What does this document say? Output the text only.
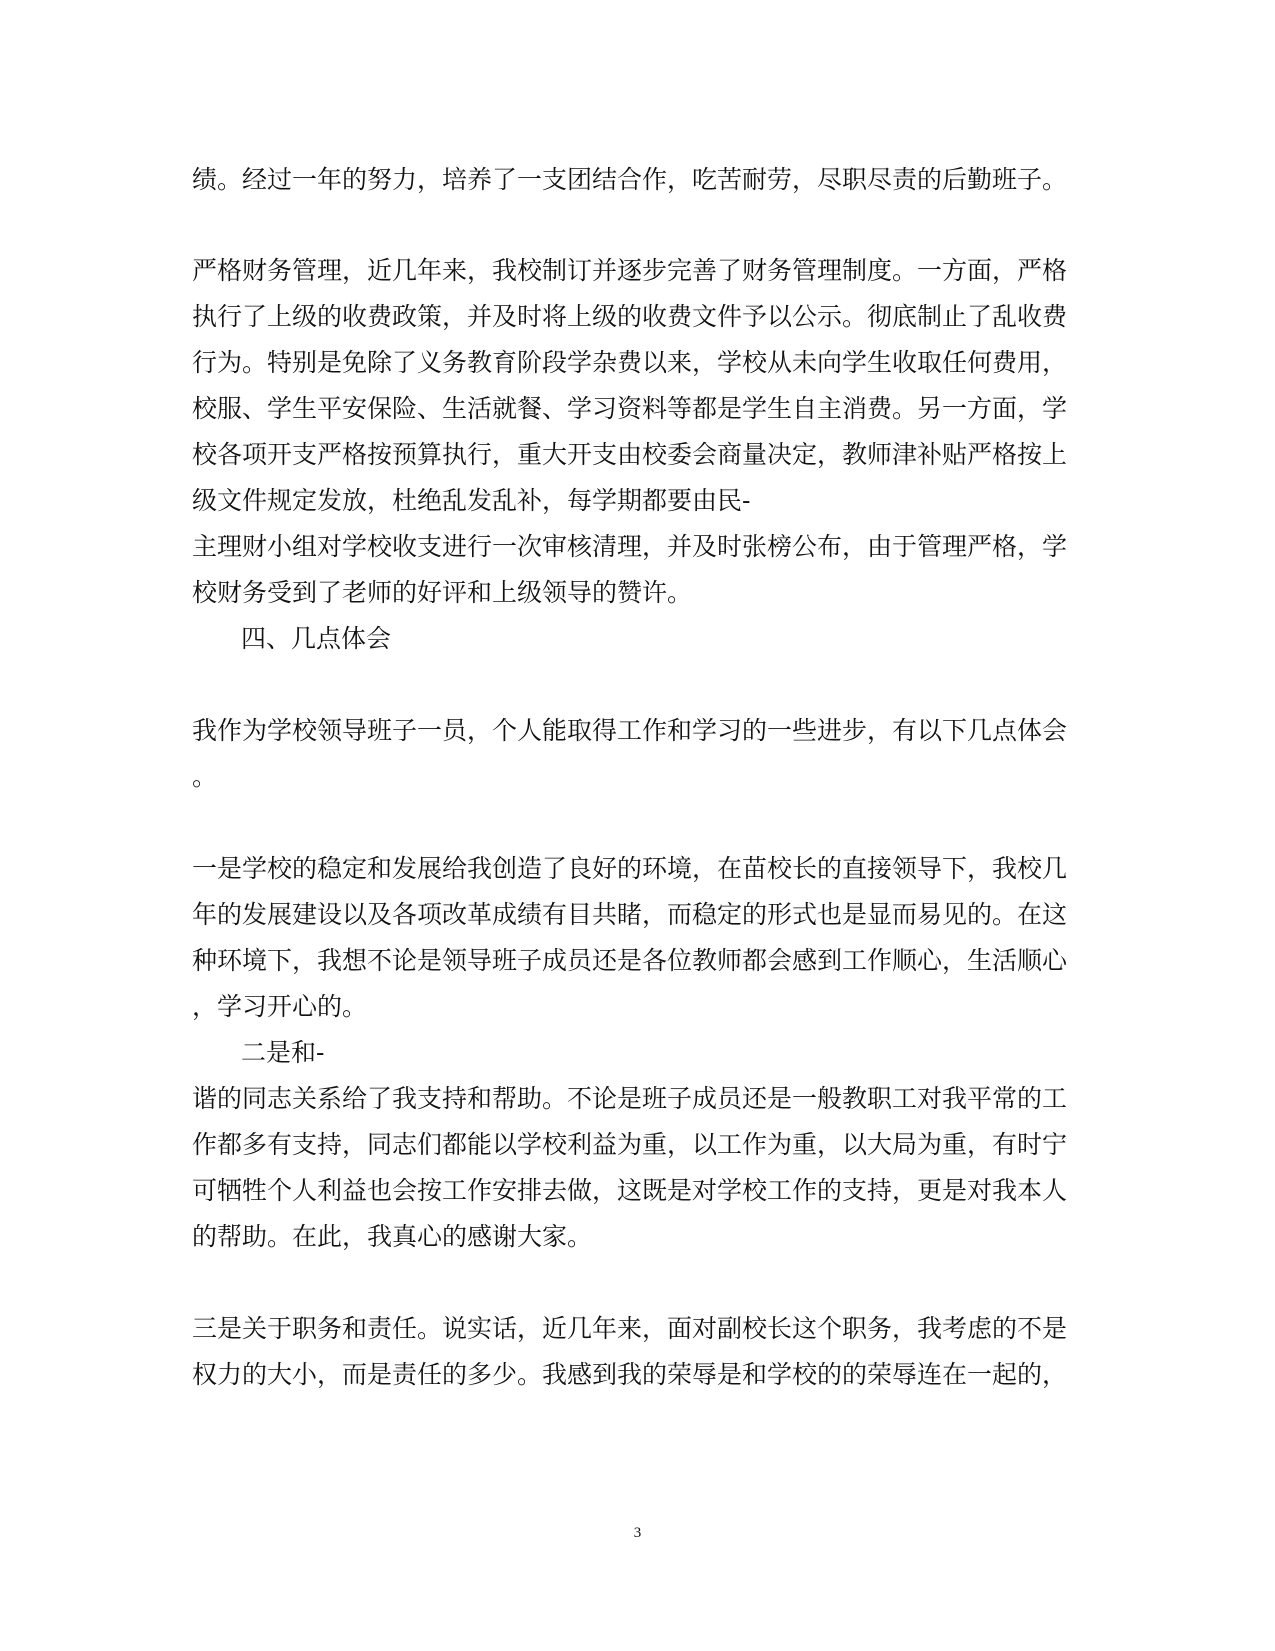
绩。经过一年的努力，培养了一支团结合作，吃苦耐劳，尽职尽责的后勤班子。
严格财务管理，近几年来，我校制订并逐步完善了财务管理制度。一方面，严格
执行了上级的收费政策，并及时将上级的收费文件予以公示。彻底制止了乱收费
行为。特别是免除了义务教育阶段学杂费以来，学校从未向学生收取任何费用，
校服、学生平安保险、生活就餐、学习资料等都是学生自主消费。另一方面，学
校各项开支严格按预算执行，重大开支由校委会商量决定，教师津补贴严格按上
级文件规定发放，杜绝乱发乱补，每学期都要由民-
主理财小组对学校收支进行一次审核清理，并及时张榜公布，由于管理严格，学
校财务受到了老师的好评和上级领导的赞许。
四、几点体会
我作为学校领导班子一员，个人能取得工作和学习的一些进步，有以下几点体会
。
一是学校的稳定和发展给我创造了良好的环境，在苗校长的直接领导下，我校几
年的发展建设以及各项改革成绩有目共睹，而稳定的形式也是显而易见的。在这
种环境下，我想不论是领导班子成员还是各位教师都会感到工作顺心，生活顺心
，学习开心的。
二是和-
谐的同志关系给了我支持和帮助。不论是班子成员还是一般教职工对我平常的工
作都多有支持，同志们都能以学校利益为重，以工作为重，以大局为重，有时宁
可牺牲个人利益也会按工作安排去做，这既是对学校工作的支持，更是对我本人
的帮助。在此，我真心的感谢大家。
三是关于职务和责任。说实话，近几年来，面对副校长这个职务，我考虑的不是
权力的大小，而是责任的多少。我感到我的荣辱是和学校的的荣辱连在一起的，
3
